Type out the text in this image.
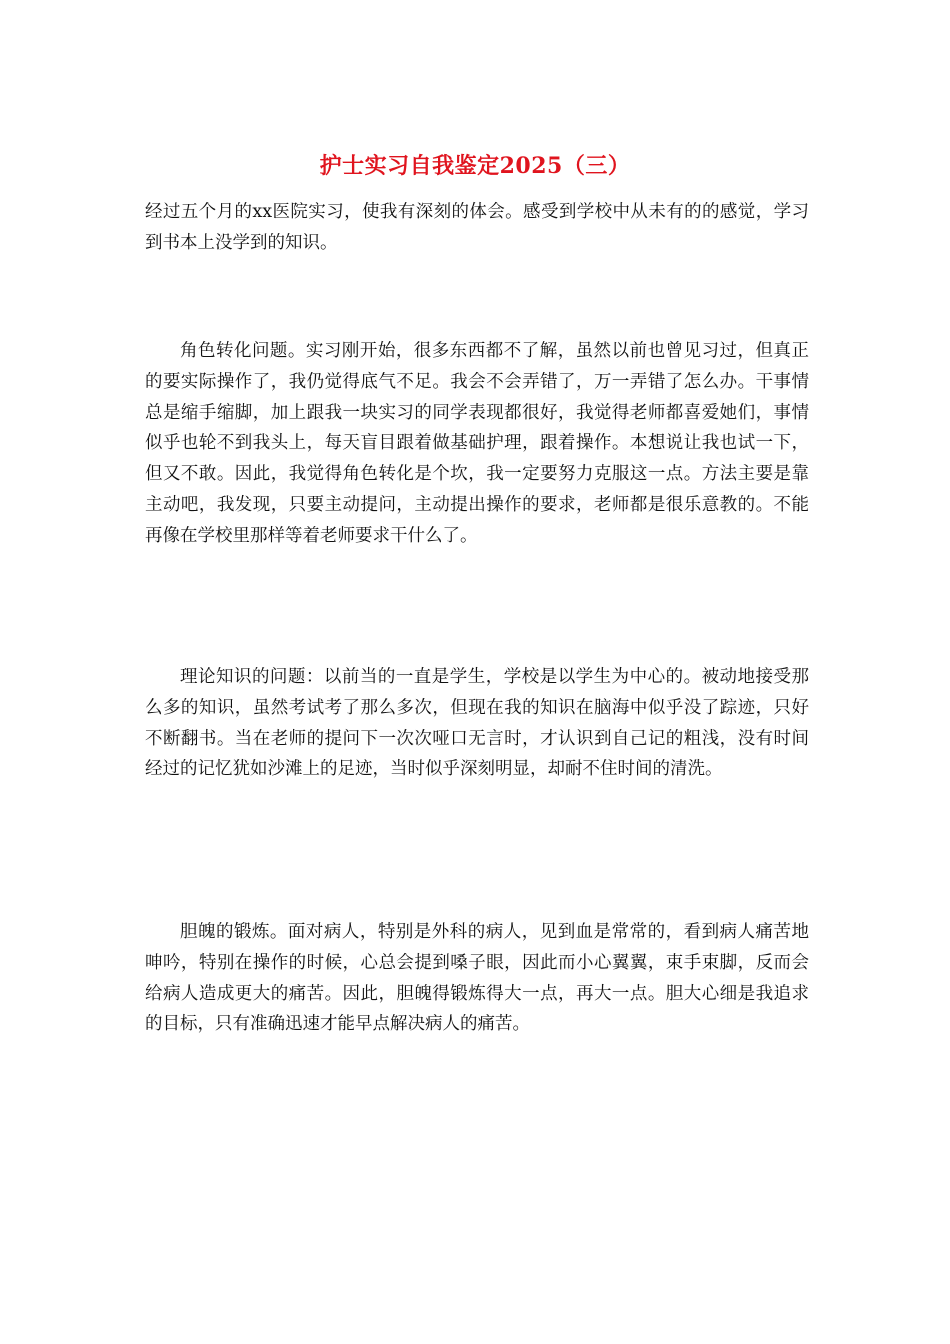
护士实习自我鉴定2025（三）

经过五个月的xx医院实习，使我有深刻的体会。感受到学校中从未有的的感觉，学习到书本上没学到的知识。

角色转化问题。实习刚开始，很多东西都不了解，虽然以前也曾见习过，但真正的要实际操作了，我仍觉得底气不足。我会不会弄错了，万一弄错了怎么办。干事情总是缩手缩脚，加上跟我一块实习的同学表现都很好，我觉得老师都喜爱她们，事情似乎也轮不到我头上，每天盲目跟着做基础护理，跟着操作。本想说让我也试一下，但又不敢。因此，我觉得角色转化是个坎，我一定要努力克服这一点。方法主要是靠主动吧，我发现，只要主动提问，主动提出操作的要求，老师都是很乐意教的。不能再像在学校里那样等着老师要求干什么了。

理论知识的问题：以前当的一直是学生，学校是以学生为中心的。被动地接受那么多的知识，虽然考试考了那么多次，但现在我的知识在脑海中似乎没了踪迹，只好不断翻书。当在老师的提问下一次次哑口无言时，才认识到自己记的粗浅，没有时间经过的记忆犹如沙滩上的足迹，当时似乎深刻明显，却耐不住时间的清洗。

胆魄的锻炼。面对病人，特别是外科的病人，见到血是常常的，看到病人痛苦地呻吟，特别在操作的时候，心总会提到嗓子眼，因此而小心翼翼，束手束脚，反而会给病人造成更大的痛苦。因此，胆魄得锻炼得大一点，再大一点。胆大心细是我追求的目标，只有准确迅速才能早点解决病人的痛苦。
